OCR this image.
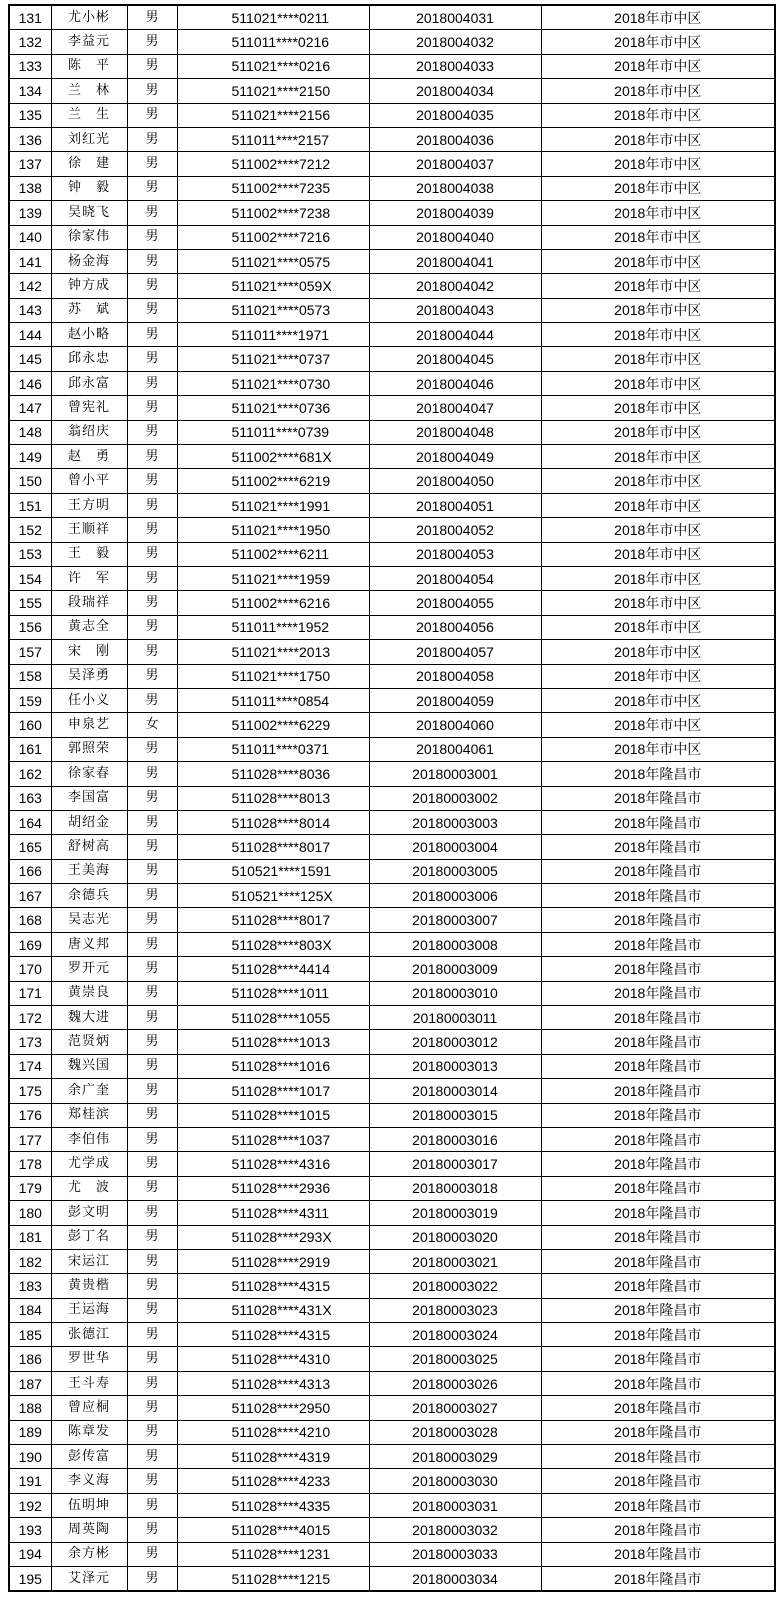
131	尤小彬	男	511021****0211	2018004031	2018年市中区
132	李益元	男	511011****0216	2018004032	2018年市中区
133	陈　平	男	511021****0216	2018004033	2018年市中区
134	兰　林	男	511021****2150	2018004034	2018年市中区
135	兰　生	男	511021****2156	2018004035	2018年市中区
136	刘红光	男	511011****2157	2018004036	2018年市中区
137	徐　建	男	511002****7212	2018004037	2018年市中区
138	钟　毅	男	511002****7235	2018004038	2018年市中区
139	吴晓飞	男	511002****7238	2018004039	2018年市中区
140	徐家伟	男	511002****7216	2018004040	2018年市中区
141	杨金海	男	511021****0575	2018004041	2018年市中区
142	钟方成	男	511021****059X	2018004042	2018年市中区
143	苏　斌	男	511021****0573	2018004043	2018年市中区
144	赵小略	男	511011****1971	2018004044	2018年市中区
145	邱永忠	男	511021****0737	2018004045	2018年市中区
146	邱永富	男	511021****0730	2018004046	2018年市中区
147	曾宪礼	男	511021****0736	2018004047	2018年市中区
148	翁绍庆	男	511011****0739	2018004048	2018年市中区
149	赵　勇	男	511002****681X	2018004049	2018年市中区
150	曾小平	男	511002****6219	2018004050	2018年市中区
151	王方明	男	511021****1991	2018004051	2018年市中区
152	王顺祥	男	511021****1950	2018004052	2018年市中区
153	王　毅	男	511002****6211	2018004053	2018年市中区
154	许　军	男	511021****1959	2018004054	2018年市中区
155	段瑞祥	男	511002****6216	2018004055	2018年市中区
156	黄志全	男	511011****1952	2018004056	2018年市中区
157	宋　刚	男	511021****2013	2018004057	2018年市中区
158	吴泽勇	男	511021****1750	2018004058	2018年市中区
159	任小义	男	511011****0854	2018004059	2018年市中区
160	申泉艺	女	511002****6229	2018004060	2018年市中区
161	郭照荣	男	511011****0371	2018004061	2018年市中区
162	徐家春	男	511028****8036	20180003001	2018年隆昌市
163	李国富	男	511028****8013	20180003002	2018年隆昌市
164	胡绍金	男	511028****8014	20180003003	2018年隆昌市
165	舒树高	男	511028****8017	20180003004	2018年隆昌市
166	王美海	男	510521****1591	20180003005	2018年隆昌市
167	余德兵	男	510521****125X	20180003006	2018年隆昌市
168	吴志光	男	511028****8017	20180003007	2018年隆昌市
169	唐义邦	男	511028****803X	20180003008	2018年隆昌市
170	罗开元	男	511028****4414	20180003009	2018年隆昌市
171	黄崇良	男	511028****1011	20180003010	2018年隆昌市
172	魏大进	男	511028****1055	20180003011	2018年隆昌市
173	范贤炳	男	511028****1013	20180003012	2018年隆昌市
174	魏兴国	男	511028****1016	20180003013	2018年隆昌市
175	余广奎	男	511028****1017	20180003014	2018年隆昌市
176	郑桂滨	男	511028****1015	20180003015	2018年隆昌市
177	李伯伟	男	511028****1037	20180003016	2018年隆昌市
178	尤学成	男	511028****4316	20180003017	2018年隆昌市
179	尤　波	男	511028****2936	20180003018	2018年隆昌市
180	彭文明	男	511028****4311	20180003019	2018年隆昌市
181	彭丁名	男	511028****293X	20180003020	2018年隆昌市
182	宋运江	男	511028****2919	20180003021	2018年隆昌市
183	黄贵楷	男	511028****4315	20180003022	2018年隆昌市
184	王运海	男	511028****431X	20180003023	2018年隆昌市
185	张德江	男	511028****4315	20180003024	2018年隆昌市
186	罗世华	男	511028****4310	20180003025	2018年隆昌市
187	王斗寿	男	511028****4313	20180003026	2018年隆昌市
188	曾应桐	男	511028****2950	20180003027	2018年隆昌市
189	陈章发	男	511028****4210	20180003028	2018年隆昌市
190	彭传富	男	511028****4319	20180003029	2018年隆昌市
191	李义海	男	511028****4233	20180003030	2018年隆昌市
192	伍明坤	男	511028****4335	20180003031	2018年隆昌市
193	周英陶	男	511028****4015	20180003032	2018年隆昌市
194	余方彬	男	511028****1231	20180003033	2018年隆昌市
195	艾泽元	男	511028****1215	20180003034	2018年隆昌市
